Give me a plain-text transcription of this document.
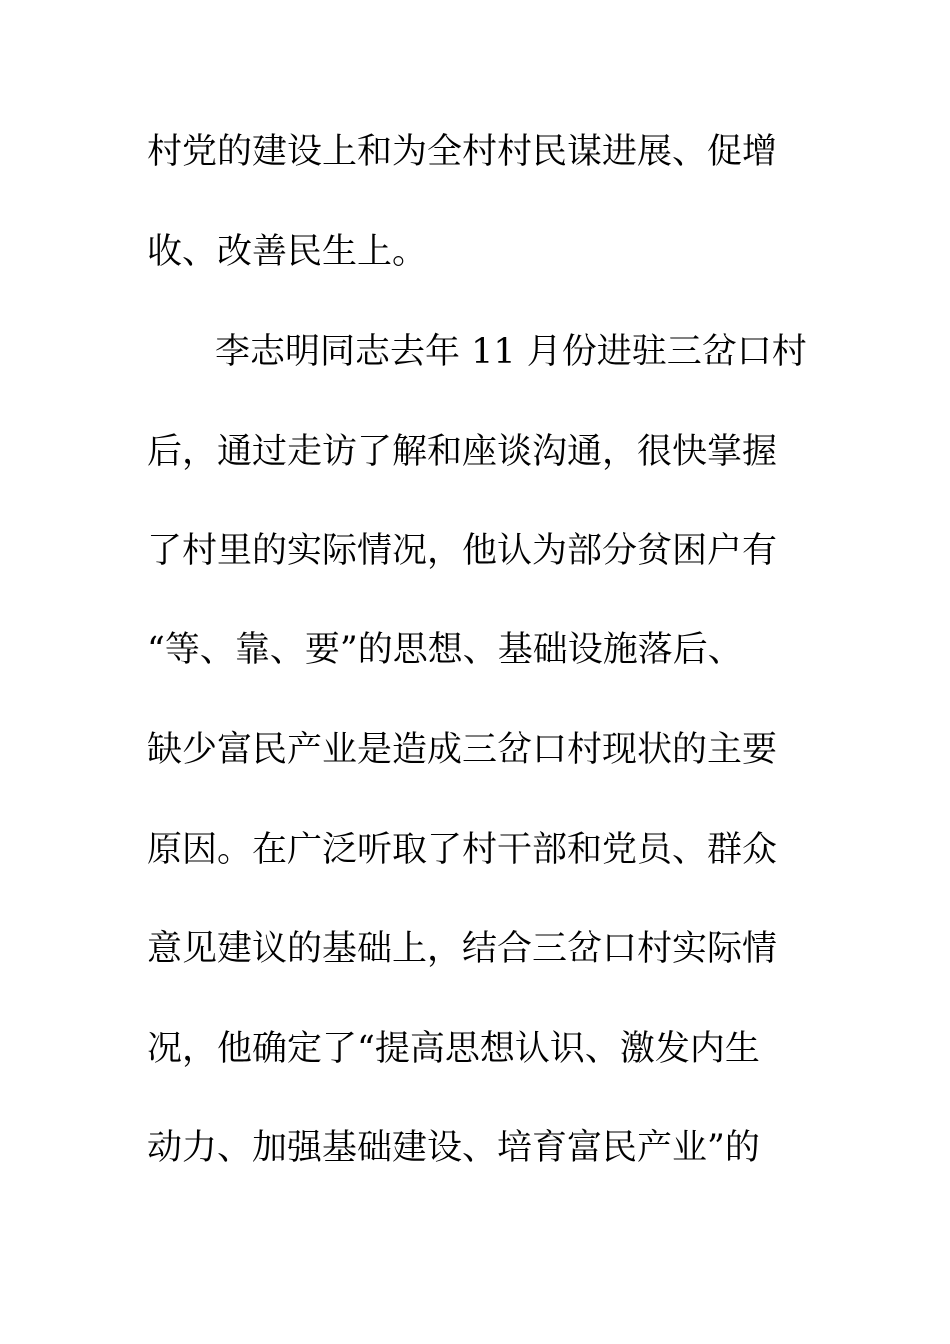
村党的建设上和为全村村民谋进展、促增
收、改善民生上。
李志明同志去年 11 月份进驻三岔口村
后，通过走访了解和座谈沟通，很快掌握
了村里的实际情况，他认为部分贫困户有
“等、靠、要”的思想、基础设施落后、
缺少富民产业是造成三岔口村现状的主要
原因。在广泛听取了村干部和党员、群众
意见建议的基础上，结合三岔口村实际情
况，他确定了“提高思想认识、激发内生
动力、加强基础建设、培育富民产业”的
